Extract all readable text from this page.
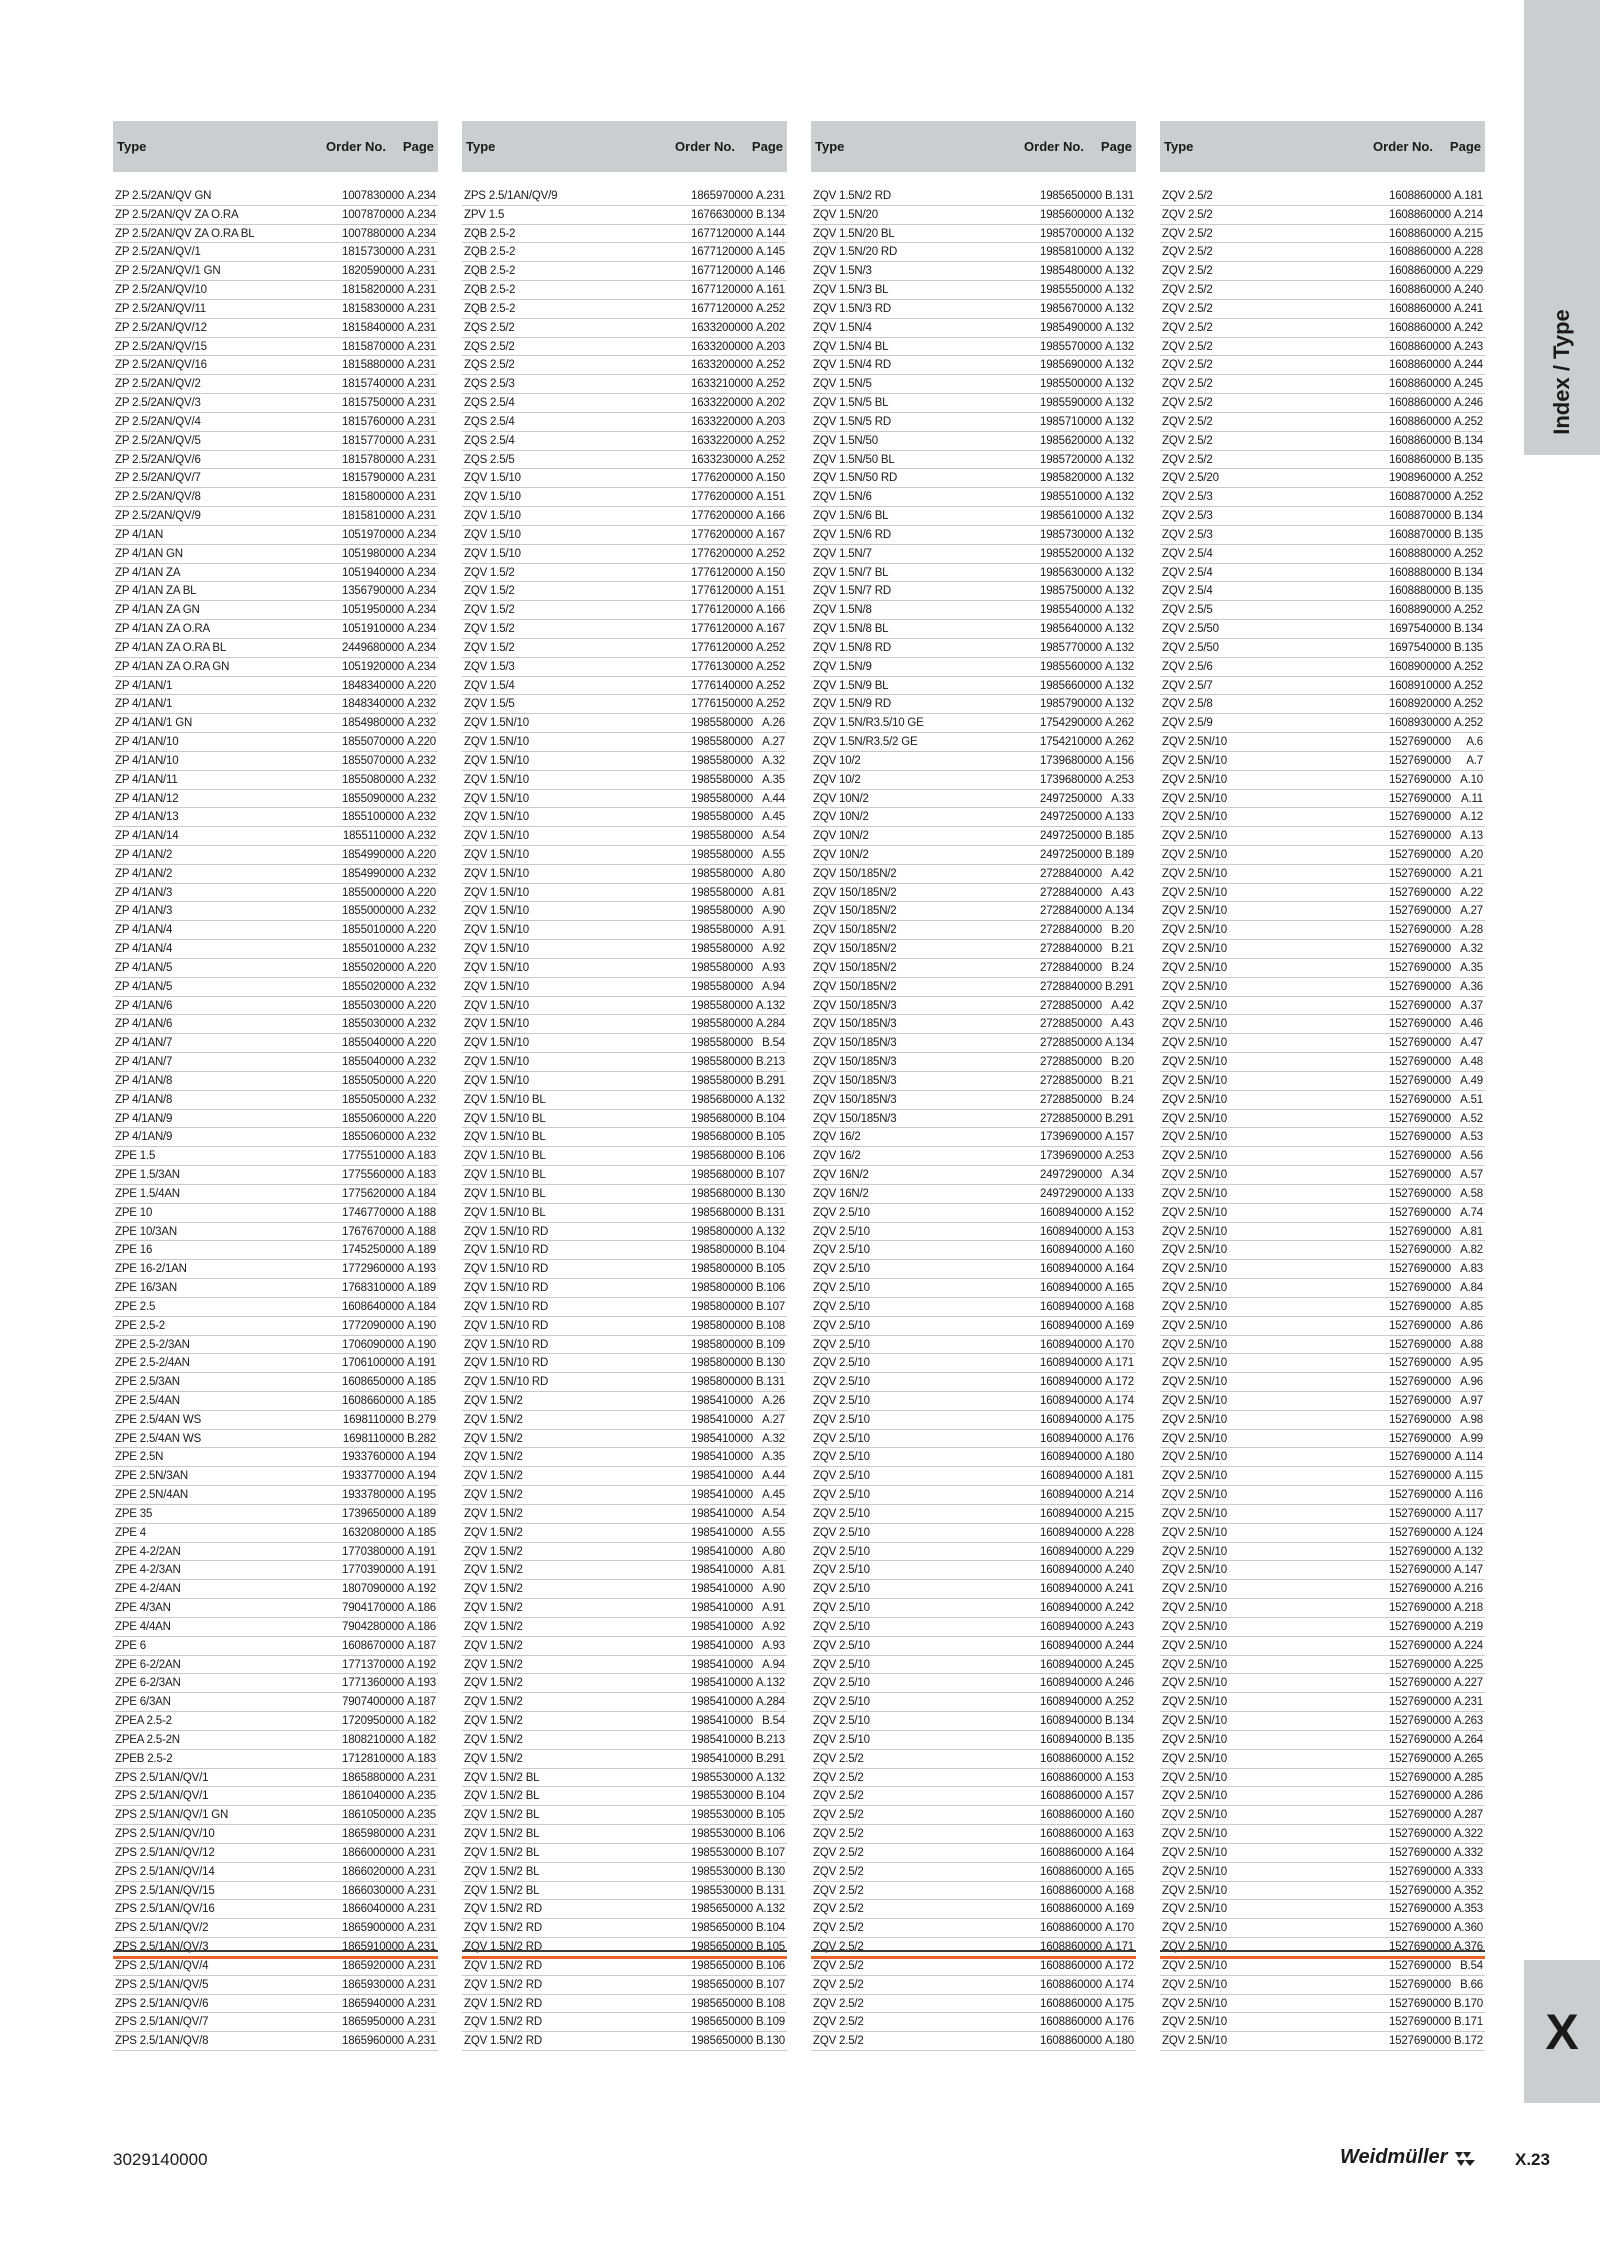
Type	Order No. Page
ZP 2.5/2AN/QV GN	1007830000 A.234
ZP 2.5/2AN/QV ZA O.RA	1007870000 A.234
ZP 2.5/2AN/QV ZA O.RA BL	1007880000 A.234
ZP 2.5/2AN/QV/1	1815730000 A.231
ZP 2.5/2AN/QV/1 GN	1820590000 A.231
ZP 2.5/2AN/QV/10	1815820000 A.231
ZP 2.5/2AN/QV/11	1815830000 A.231
ZP 2.5/2AN/QV/12	1815840000 A.231
ZP 2.5/2AN/QV/15	1815870000 A.231
ZP 2.5/2AN/QV/16	1815880000 A.231
ZP 2.5/2AN/QV/2	1815740000 A.231
ZP 2.5/2AN/QV/3	1815750000 A.231
ZP 2.5/2AN/QV/4	1815760000 A.231
ZP 2.5/2AN/QV/5	1815770000 A.231
ZP 2.5/2AN/QV/6	1815780000 A.231
ZP 2.5/2AN/QV/7	1815790000 A.231
ZP 2.5/2AN/QV/8	1815800000 A.231
ZP 2.5/2AN/QV/9	1815810000 A.231
ZP 4/1AN	1051970000 A.234
ZP 4/1AN GN	1051980000 A.234
ZP 4/1AN ZA	1051940000 A.234
ZP 4/1AN ZA BL	1356790000 A.234
ZP 4/1AN ZA GN	1051950000 A.234
ZP 4/1AN ZA O.RA	1051910000 A.234
ZP 4/1AN ZA O.RA BL	2449680000 A.234
ZP 4/1AN ZA O.RA GN	1051920000 A.234
ZP 4/1AN/1	1848340000 A.220
ZP 4/1AN/1	1848340000 A.232
ZP 4/1AN/1 GN	1854980000 A.232
ZP 4/1AN/10	1855070000 A.220
ZP 4/1AN/10	1855070000 A.232
ZP 4/1AN/11	1855080000 A.232
ZP 4/1AN/12	1855090000 A.232
ZP 4/1AN/13	1855100000 A.232
ZP 4/1AN/14	1855110000 A.232
ZP 4/1AN/2	1854990000 A.220
ZP 4/1AN/2	1854990000 A.232
ZP 4/1AN/3	1855000000 A.220
ZP 4/1AN/3	1855000000 A.232
ZP 4/1AN/4	1855010000 A.220
ZP 4/1AN/4	1855010000 A.232
ZP 4/1AN/5	1855020000 A.220
ZP 4/1AN/5	1855020000 A.232
ZP 4/1AN/6	1855030000 A.220
ZP 4/1AN/6	1855030000 A.232
ZP 4/1AN/7	1855040000 A.220
ZP 4/1AN/7	1855040000 A.232
ZP 4/1AN/8	1855050000 A.220
ZP 4/1AN/8	1855050000 A.232
ZP 4/1AN/9	1855060000 A.220
ZP 4/1AN/9	1855060000 A.232
ZPE 1.5	1775510000 A.183
ZPE 1.5/3AN	1775560000 A.183
ZPE 1.5/4AN	1775620000 A.184
ZPE 10	1746770000 A.188
ZPE 10/3AN	1767670000 A.188
ZPE 16	1745250000 A.189
ZPE 16-2/1AN	1772960000 A.193
ZPE 16/3AN	1768310000 A.189
ZPE 2.5	1608640000 A.184
ZPE 2.5-2	1772090000 A.190
ZPE 2.5-2/3AN	1706090000 A.190
ZPE 2.5-2/4AN	1706100000 A.191
ZPE 2.5/3AN	1608650000 A.185
ZPE 2.5/4AN	1608660000 A.185
ZPE 2.5/4AN WS	1698110000 B.279
ZPE 2.5/4AN WS	1698110000 B.282
ZPE 2.5N	1933760000 A.194
ZPE 2.5N/3AN	1933770000 A.194
ZPE 2.5N/4AN	1933780000 A.195
ZPE 35	1739650000 A.189
ZPE 4	1632080000 A.185
ZPE 4-2/2AN	1770380000 A.191
ZPE 4-2/3AN	1770390000 A.191
ZPE 4-2/4AN	1807090000 A.192
ZPE 4/3AN	7904170000 A.186
ZPE 4/4AN	7904280000 A.186
ZPE 6	1608670000 A.187
ZPE 6-2/2AN	1771370000 A.192
ZPE 6-2/3AN	1771360000 A.193
ZPE 6/3AN	7907400000 A.187
ZPEA 2.5-2	1720950000 A.182
ZPEA 2.5-2N	1808210000 A.182
ZPEB 2.5-2	1712810000 A.183
ZPS 2.5/1AN/QV/1	1865880000 A.231
ZPS 2.5/1AN/QV/1	1861040000 A.235
ZPS 2.5/1AN/QV/1 GN	1861050000 A.235
ZPS 2.5/1AN/QV/10	1865980000 A.231
ZPS 2.5/1AN/QV/12	1866000000 A.231
ZPS 2.5/1AN/QV/14	1866020000 A.231
ZPS 2.5/1AN/QV/15	1866030000 A.231
ZPS 2.5/1AN/QV/16	1866040000 A.231
ZPS 2.5/1AN/QV/2	1865900000 A.231
ZPS 2.5/1AN/QV/3	1865910000 A.231
ZPS 2.5/1AN/QV/4	1865920000 A.231
ZPS 2.5/1AN/QV/5	1865930000 A.231
ZPS 2.5/1AN/QV/6	1865940000 A.231
ZPS 2.5/1AN/QV/7	1865950000 A.231
ZPS 2.5/1AN/QV/8	1865960000 A.231
Type	Order No. Page
ZPS 2.5/1AN/QV/9	1865970000 A.231
ZPV 1.5	1676630000 B.134
ZQB 2.5-2	1677120000 A.144
ZQB 2.5-2	1677120000 A.145
ZQB 2.5-2	1677120000 A.146
ZQB 2.5-2	1677120000 A.161
ZQB 2.5-2	1677120000 A.252
ZQS 2.5/2	1633200000 A.202
ZQS 2.5/2	1633200000 A.203
ZQS 2.5/2	1633200000 A.252
ZQS 2.5/3	1633210000 A.252
ZQS 2.5/4	1633220000 A.202
ZQS 2.5/4	1633220000 A.203
ZQS 2.5/4	1633220000 A.252
ZQS 2.5/5	1633230000 A.252
ZQV 1.5/10	1776200000 A.150
ZQV 1.5/10	1776200000 A.151
ZQV 1.5/10	1776200000 A.166
ZQV 1.5/10	1776200000 A.167
ZQV 1.5/10	1776200000 A.252
ZQV 1.5/2	1776120000 A.150
ZQV 1.5/2	1776120000 A.151
ZQV 1.5/2	1776120000 A.166
ZQV 1.5/2	1776120000 A.167
ZQV 1.5/2	1776120000 A.252
ZQV 1.5/3	1776130000 A.252
ZQV 1.5/4	1776140000 A.252
ZQV 1.5/5	1776150000 A.252
ZQV 1.5N/10	1985580000 A.26
ZQV 1.5N/10	1985580000 A.27
ZQV 1.5N/10	1985580000 A.32
ZQV 1.5N/10	1985580000 A.35
ZQV 1.5N/10	1985580000 A.44
ZQV 1.5N/10	1985580000 A.45
ZQV 1.5N/10	1985580000 A.54
ZQV 1.5N/10	1985580000 A.55
ZQV 1.5N/10	1985580000 A.80
ZQV 1.5N/10	1985580000 A.81
ZQV 1.5N/10	1985580000 A.90
ZQV 1.5N/10	1985580000 A.91
ZQV 1.5N/10	1985580000 A.92
ZQV 1.5N/10	1985580000 A.93
ZQV 1.5N/10	1985580000 A.94
ZQV 1.5N/10	1985580000 A.132
ZQV 1.5N/10	1985580000 A.284
ZQV 1.5N/10	1985580000 B.54
ZQV 1.5N/10	1985580000 B.213
ZQV 1.5N/10	1985580000 B.291
ZQV 1.5N/10 BL	1985680000 A.132
ZQV 1.5N/10 BL	1985680000 B.104
ZQV 1.5N/10 BL	1985680000 B.105
ZQV 1.5N/10 BL	1985680000 B.106
ZQV 1.5N/10 BL	1985680000 B.107
ZQV 1.5N/10 BL	1985680000 B.130
ZQV 1.5N/10 BL	1985680000 B.131
ZQV 1.5N/10 RD	1985800000 A.132
ZQV 1.5N/10 RD	1985800000 B.104
ZQV 1.5N/10 RD	1985800000 B.105
ZQV 1.5N/10 RD	1985800000 B.106
ZQV 1.5N/10 RD	1985800000 B.107
ZQV 1.5N/10 RD	1985800000 B.108
ZQV 1.5N/10 RD	1985800000 B.109
ZQV 1.5N/10 RD	1985800000 B.130
ZQV 1.5N/10 RD	1985800000 B.131
ZQV 1.5N/2	1985410000 A.26
ZQV 1.5N/2	1985410000 A.27
ZQV 1.5N/2	1985410000 A.32
ZQV 1.5N/2	1985410000 A.35
ZQV 1.5N/2	1985410000 A.44
ZQV 1.5N/2	1985410000 A.45
ZQV 1.5N/2	1985410000 A.54
ZQV 1.5N/2	1985410000 A.55
ZQV 1.5N/2	1985410000 A.80
ZQV 1.5N/2	1985410000 A.81
ZQV 1.5N/2	1985410000 A.90
ZQV 1.5N/2	1985410000 A.91
ZQV 1.5N/2	1985410000 A.92
ZQV 1.5N/2	1985410000 A.93
ZQV 1.5N/2	1985410000 A.94
ZQV 1.5N/2	1985410000 A.132
ZQV 1.5N/2	1985410000 A.284
ZQV 1.5N/2	1985410000 B.54
ZQV 1.5N/2	1985410000 B.213
ZQV 1.5N/2	1985410000 B.291
ZQV 1.5N/2 BL	1985530000 A.132
ZQV 1.5N/2 BL	1985530000 B.104
ZQV 1.5N/2 BL	1985530000 B.105
ZQV 1.5N/2 BL	1985530000 B.106
ZQV 1.5N/2 BL	1985530000 B.107
ZQV 1.5N/2 BL	1985530000 B.130
ZQV 1.5N/2 BL	1985530000 B.131
ZQV 1.5N/2 RD	1985650000 A.132
ZQV 1.5N/2 RD	1985650000 B.104
ZQV 1.5N/2 RD	1985650000 B.105
ZQV 1.5N/2 RD	1985650000 B.106
ZQV 1.5N/2 RD	1985650000 B.107
ZQV 1.5N/2 RD	1985650000 B.108
ZQV 1.5N/2 RD	1985650000 B.109
ZQV 1.5N/2 RD	1985650000 B.130
Type	Order No. Page
ZQV 1.5N/2 RD	1985650000 B.131
ZQV 1.5N/20	1985600000 A.132
ZQV 1.5N/20 BL	1985700000 A.132
ZQV 1.5N/20 RD	1985810000 A.132
ZQV 1.5N/3	1985480000 A.132
ZQV 1.5N/3 BL	1985550000 A.132
ZQV 1.5N/3 RD	1985670000 A.132
ZQV 1.5N/4	1985490000 A.132
ZQV 1.5N/4 BL	1985570000 A.132
ZQV 1.5N/4 RD	1985690000 A.132
ZQV 1.5N/5	1985500000 A.132
ZQV 1.5N/5 BL	1985590000 A.132
ZQV 1.5N/5 RD	1985710000 A.132
ZQV 1.5N/50	1985620000 A.132
ZQV 1.5N/50 BL	1985720000 A.132
ZQV 1.5N/50 RD	1985820000 A.132
ZQV 1.5N/6	1985510000 A.132
ZQV 1.5N/6 BL	1985610000 A.132
ZQV 1.5N/6 RD	1985730000 A.132
ZQV 1.5N/7	1985520000 A.132
ZQV 1.5N/7 BL	1985630000 A.132
ZQV 1.5N/7 RD	1985750000 A.132
ZQV 1.5N/8	1985540000 A.132
ZQV 1.5N/8 BL	1985640000 A.132
ZQV 1.5N/8 RD	1985770000 A.132
ZQV 1.5N/9	1985560000 A.132
ZQV 1.5N/9 BL	1985660000 A.132
ZQV 1.5N/9 RD	1985790000 A.132
ZQV 1.5N/R3.5/10 GE	1754290000 A.262
ZQV 1.5N/R3.5/2 GE	1754210000 A.262
ZQV 10/2	1739680000 A.156
ZQV 10/2	1739680000 A.253
ZQV 10N/2	2497250000 A.33
ZQV 10N/2	2497250000 A.133
ZQV 10N/2	2497250000 B.185
ZQV 10N/2	2497250000 B.189
ZQV 150/185N/2	2728840000 A.42
ZQV 150/185N/2	2728840000 A.43
ZQV 150/185N/2	2728840000 A.134
ZQV 150/185N/2	2728840000 B.20
ZQV 150/185N/2	2728840000 B.21
ZQV 150/185N/2	2728840000 B.24
ZQV 150/185N/2	2728840000 B.291
ZQV 150/185N/3	2728850000 A.42
ZQV 150/185N/3	2728850000 A.43
ZQV 150/185N/3	2728850000 A.134
ZQV 150/185N/3	2728850000 B.20
ZQV 150/185N/3	2728850000 B.21
ZQV 150/185N/3	2728850000 B.24
ZQV 150/185N/3	2728850000 B.291
ZQV 16/2	1739690000 A.157
ZQV 16/2	1739690000 A.253
ZQV 16N/2	2497290000 A.34
ZQV 16N/2	2497290000 A.133
ZQV 2.5/10	1608940000 A.152
ZQV 2.5/10	1608940000 A.153
ZQV 2.5/10	1608940000 A.160
ZQV 2.5/10	1608940000 A.164
ZQV 2.5/10	1608940000 A.165
ZQV 2.5/10	1608940000 A.168
ZQV 2.5/10	1608940000 A.169
ZQV 2.5/10	1608940000 A.170
ZQV 2.5/10	1608940000 A.171
ZQV 2.5/10	1608940000 A.172
ZQV 2.5/10	1608940000 A.174
ZQV 2.5/10	1608940000 A.175
ZQV 2.5/10	1608940000 A.176
ZQV 2.5/10	1608940000 A.180
ZQV 2.5/10	1608940000 A.181
ZQV 2.5/10	1608940000 A.214
ZQV 2.5/10	1608940000 A.215
ZQV 2.5/10	1608940000 A.228
ZQV 2.5/10	1608940000 A.229
ZQV 2.5/10	1608940000 A.240
ZQV 2.5/10	1608940000 A.241
ZQV 2.5/10	1608940000 A.242
ZQV 2.5/10	1608940000 A.243
ZQV 2.5/10	1608940000 A.244
ZQV 2.5/10	1608940000 A.245
ZQV 2.5/10	1608940000 A.246
ZQV 2.5/10	1608940000 A.252
ZQV 2.5/10	1608940000 B.134
ZQV 2.5/10	1608940000 B.135
ZQV 2.5/2	1608860000 A.152
ZQV 2.5/2	1608860000 A.153
ZQV 2.5/2	1608860000 A.157
ZQV 2.5/2	1608860000 A.160
ZQV 2.5/2	1608860000 A.163
ZQV 2.5/2	1608860000 A.164
ZQV 2.5/2	1608860000 A.165
ZQV 2.5/2	1608860000 A.168
ZQV 2.5/2	1608860000 A.169
ZQV 2.5/2	1608860000 A.170
ZQV 2.5/2	1608860000 A.171
ZQV 2.5/2	1608860000 A.172
ZQV 2.5/2	1608860000 A.174
ZQV 2.5/2	1608860000 A.175
ZQV 2.5/2	1608860000 A.176
ZQV 2.5/2	1608860000 A.180
Type	Order No. Page
ZQV 2.5/2	1608860000 A.181
ZQV 2.5/2	1608860000 A.214
ZQV 2.5/2	1608860000 A.215
ZQV 2.5/2	1608860000 A.228
ZQV 2.5/2	1608860000 A.229
ZQV 2.5/2	1608860000 A.240
ZQV 2.5/2	1608860000 A.241
ZQV 2.5/2	1608860000 A.242
ZQV 2.5/2	1608860000 A.243
ZQV 2.5/2	1608860000 A.244
ZQV 2.5/2	1608860000 A.245
ZQV 2.5/2	1608860000 A.246
ZQV 2.5/2	1608860000 A.252
ZQV 2.5/2	1608860000 B.134
ZQV 2.5/2	1608860000 B.135
ZQV 2.5/20	1908960000 A.252
ZQV 2.5/3	1608870000 A.252
ZQV 2.5/3	1608870000 B.134
ZQV 2.5/3	1608870000 B.135
ZQV 2.5/4	1608880000 A.252
ZQV 2.5/4	1608880000 B.134
ZQV 2.5/4	1608880000 B.135
ZQV 2.5/5	1608890000 A.252
ZQV 2.5/50	1697540000 B.134
ZQV 2.5/50	1697540000 B.135
ZQV 2.5/6	1608900000 A.252
ZQV 2.5/7	1608910000 A.252
ZQV 2.5/8	1608920000 A.252
ZQV 2.5/9	1608930000 A.252
ZQV 2.5N/10	1527690000	A.6
ZQV 2.5N/10	1527690000	A.7
ZQV 2.5N/10	1527690000 A.10
ZQV 2.5N/10	1527690000 A.11
ZQV 2.5N/10	1527690000 A.12
ZQV 2.5N/10	1527690000 A.13
ZQV 2.5N/10	1527690000 A.20
ZQV 2.5N/10	1527690000 A.21
ZQV 2.5N/10	1527690000 A.22
ZQV 2.5N/10	1527690000 A.27
ZQV 2.5N/10	1527690000 A.28
ZQV 2.5N/10	1527690000 A.32
ZQV 2.5N/10	1527690000 A.35
ZQV 2.5N/10	1527690000 A.36
ZQV 2.5N/10	1527690000 A.37
ZQV 2.5N/10	1527690000 A.46
ZQV 2.5N/10	1527690000 A.47
ZQV 2.5N/10	1527690000 A.48
ZQV 2.5N/10	1527690000 A.49
ZQV 2.5N/10	1527690000 A.51
ZQV 2.5N/10	1527690000 A.52
ZQV 2.5N/10	1527690000 A.53
ZQV 2.5N/10	1527690000 A.56
ZQV 2.5N/10	1527690000 A.57
ZQV 2.5N/10	1527690000 A.58
ZQV 2.5N/10	1527690000 A.74
ZQV 2.5N/10	1527690000 A.81
ZQV 2.5N/10	1527690000 A.82
ZQV 2.5N/10	1527690000 A.83
ZQV 2.5N/10	1527690000 A.84
ZQV 2.5N/10	1527690000 A.85
ZQV 2.5N/10	1527690000 A.86
ZQV 2.5N/10	1527690000 A.88
ZQV 2.5N/10	1527690000 A.95
ZQV 2.5N/10	1527690000 A.96
ZQV 2.5N/10	1527690000 A.97
ZQV 2.5N/10	1527690000 A.98
ZQV 2.5N/10	1527690000 A.99
ZQV 2.5N/10	1527690000 A.114
ZQV 2.5N/10	1527690000 A.115
ZQV 2.5N/10	1527690000 A.116
ZQV 2.5N/10	1527690000 A.117
ZQV 2.5N/10	1527690000 A.124
ZQV 2.5N/10	1527690000 A.132
ZQV 2.5N/10	1527690000 A.147
ZQV 2.5N/10	1527690000 A.216
ZQV 2.5N/10	1527690000 A.218
ZQV 2.5N/10	1527690000 A.219
ZQV 2.5N/10	1527690000 A.224
ZQV 2.5N/10	1527690000 A.225
ZQV 2.5N/10	1527690000 A.227
ZQV 2.5N/10	1527690000 A.231
ZQV 2.5N/10	1527690000 A.263
ZQV 2.5N/10	1527690000 A.264
ZQV 2.5N/10	1527690000 A.265
ZQV 2.5N/10	1527690000 A.285
ZQV 2.5N/10	1527690000 A.286
ZQV 2.5N/10	1527690000 A.287
ZQV 2.5N/10	1527690000 A.322
ZQV 2.5N/10	1527690000 A.332
ZQV 2.5N/10	1527690000 A.333
ZQV 2.5N/10	1527690000 A.352
ZQV 2.5N/10	1527690000 A.353
ZQV 2.5N/10	1527690000 A.360
ZQV 2.5N/10	1527690000 A.376
ZQV 2.5N/10	1527690000 B.54
ZQV 2.5N/10	1527690000 B.66
ZQV 2.5N/10	1527690000 B.170
ZQV 2.5N/10	1527690000 B.171
ZQV 2.5N/10	1527690000 B.172
Index / Type
X
3029140000	Weidmüller	X.23
